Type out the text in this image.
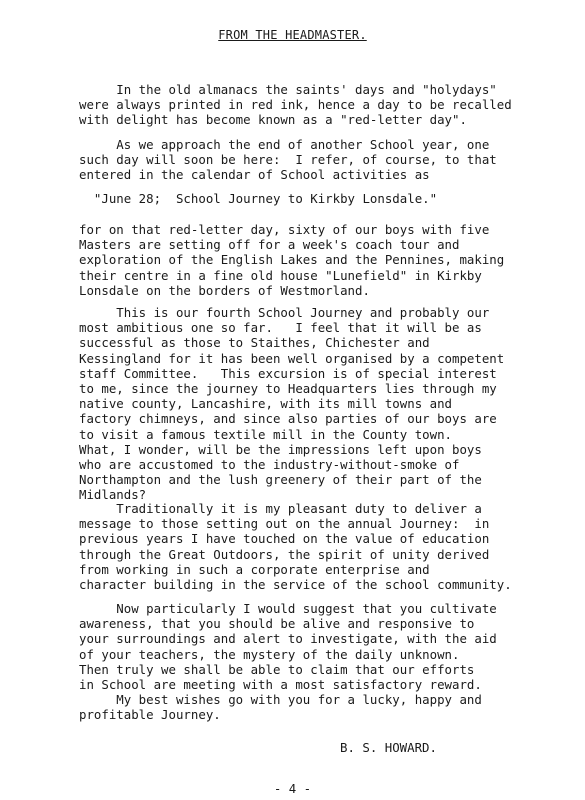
FROM THE HEADMASTER.

In the old almanacs the saints' days and "holydays"
were always printed in red ink, hence a day to be recalled
with delight has become known as a "red-letter day".

As we approach the end of another School year, one
such day will soon be here:  I refer, of course, to that
entered in the calendar of School activities as

"June 28;  School Journey to Kirkby Lonsdale."

for on that red-letter day, sixty of our boys with five
Masters are setting off for a week's coach tour and
exploration of the English Lakes and the Pennines, making
their centre in a fine old house "Lunefield" in Kirkby
Lonsdale on the borders of Westmorland.

This is our fourth School Journey and probably our
most ambitious one so far.   I feel that it will be as
successful as those to Staithes, Chichester and
Kessingland for it has been well organised by a competent
staff Committee.   This excursion is of special interest
to me, since the journey to Headquarters lies through my
native county, Lancashire, with its mill towns and
factory chimneys, and since also parties of our boys are
to visit a famous textile mill in the County town.
What, I wonder, will be the impressions left upon boys
who are accustomed to the industry-without-smoke of
Northampton and the lush greenery of their part of the
Midlands?

Traditionally it is my pleasant duty to deliver a
message to those setting out on the annual Journey:  in
previous years I have touched on the value of education
through the Great Outdoors, the spirit of unity derived
from working in such a corporate enterprise and
character building in the service of the school community.

Now particularly I would suggest that you cultivate
awareness, that you should be alive and responsive to
your surroundings and alert to investigate, with the aid
of your teachers, the mystery of the daily unknown.
Then truly we shall be able to claim that our efforts
in School are meeting with a most satisfactory reward.

My best wishes go with you for a lucky, happy and
profitable Journey.

B. S. HOWARD.
- 4 -
